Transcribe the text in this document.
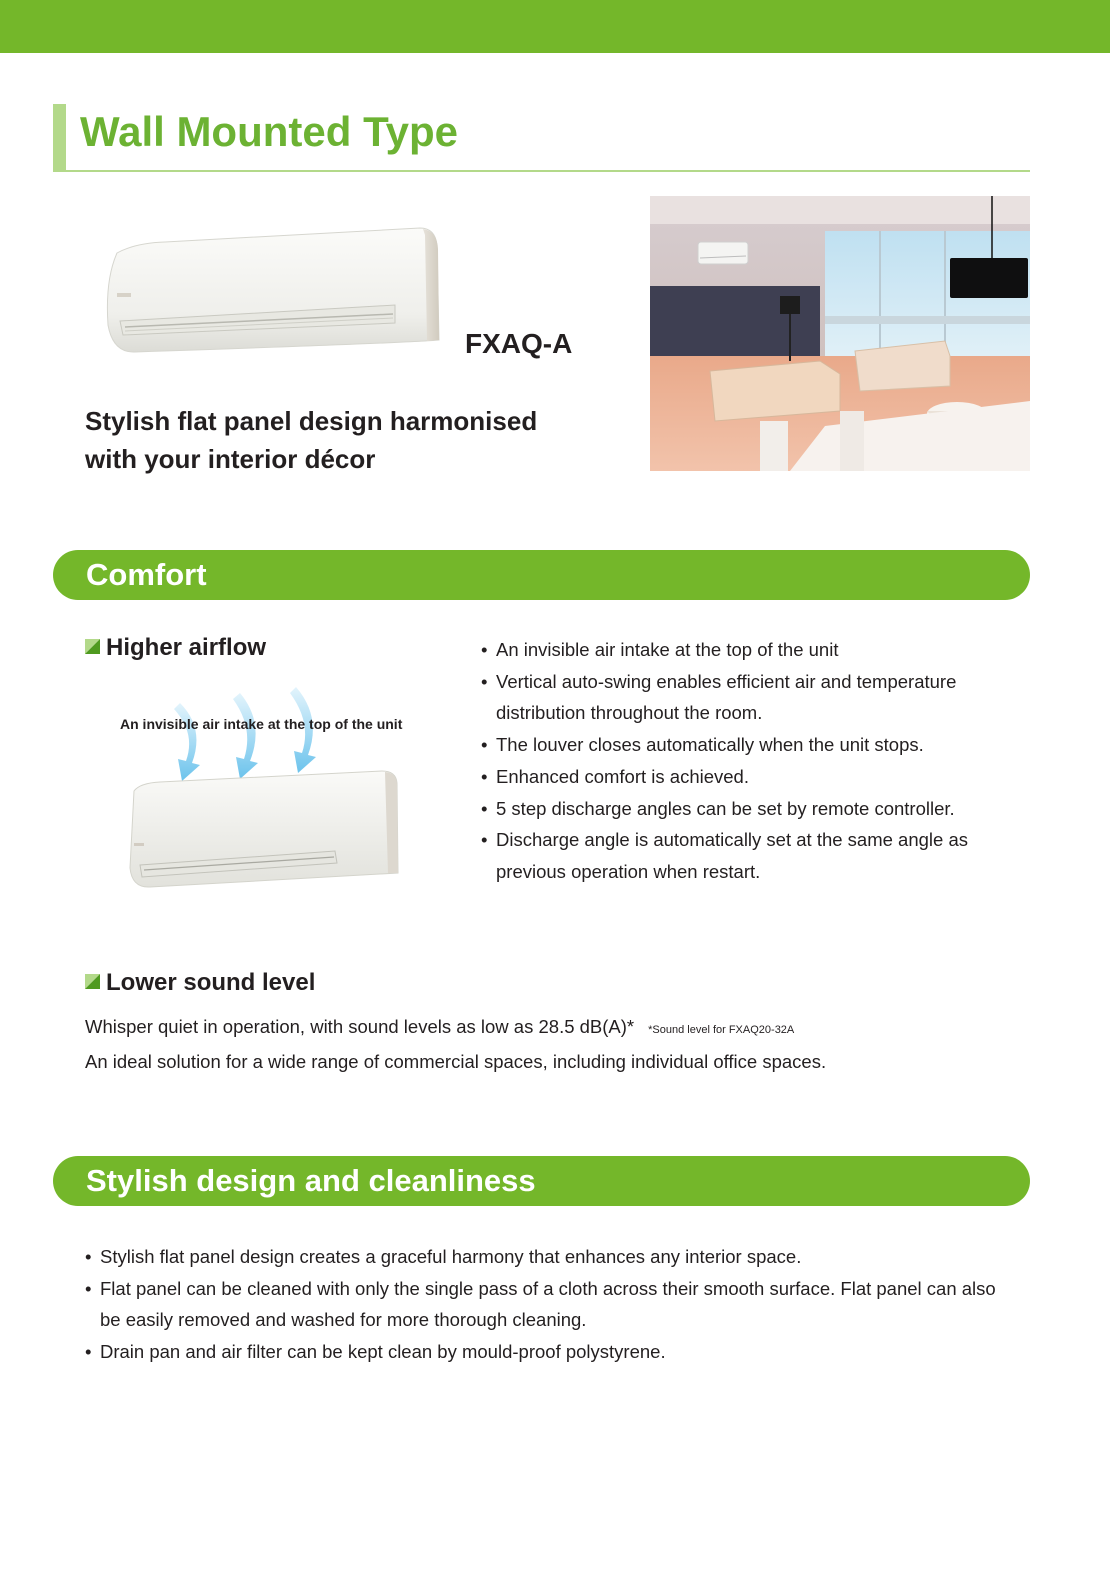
Wall Mounted Type
FXAQ-A

Stylish flat panel design harmonised
with your interior décor

Comfort
Higher airflow
An invisible air intake at the top of the unit
• An invisible air intake at the top of the unit
• Vertical auto-swing enables efficient air and temperature distribution throughout the room.
• The louver closes automatically when the unit stops.
• Enhanced comfort is achieved.
• 5 step discharge angles can be set by remote controller.
• Discharge angle is automatically set at the same angle as previous operation when restart.
Lower sound level

Whisper quiet in operation, with sound levels as low as 28.5 dB(A)* *Sound level for FXAQ20-32A

An ideal solution for a wide range of commercial spaces, including individual office spaces.

Stylish design and cleanliness
• Stylish flat panel design creates a graceful harmony that enhances any interior space.
• Flat panel can be cleaned with only the single pass of a cloth across their smooth surface. Flat panel can also be easily removed and washed for more thorough cleaning.
• Drain pan and air filter can be kept clean by mould-proof polystyrene.
